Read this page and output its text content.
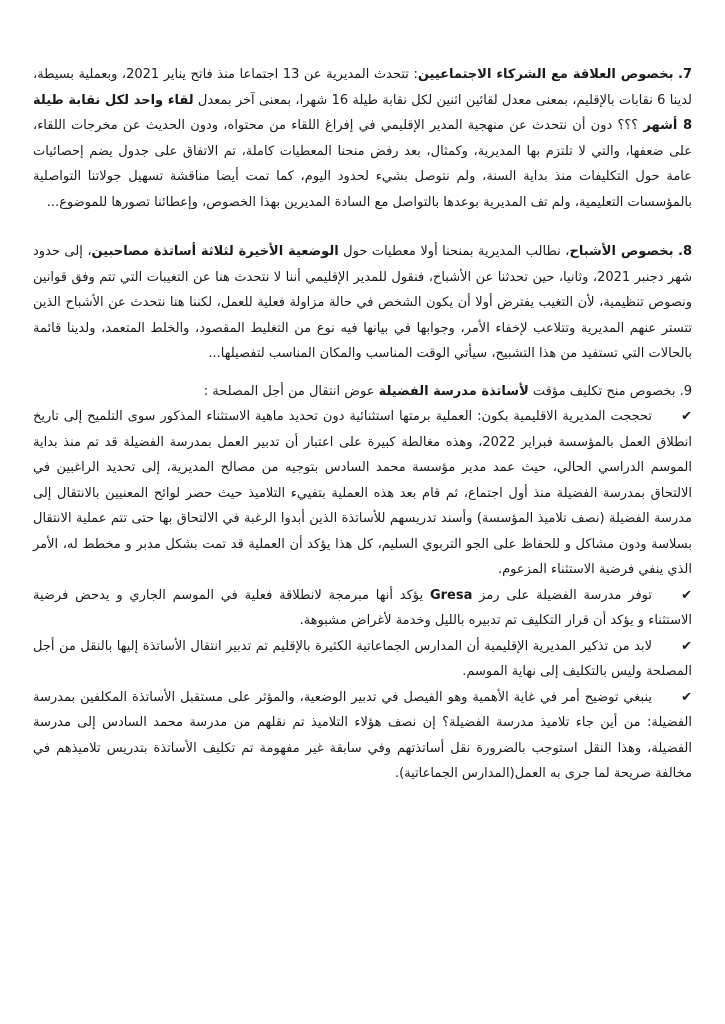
7. بخصوص العلاقة مع الشركاء الاجتماعيين: تتحدث المديرية عن 13 اجتماعا منذ فاتح يناير 2021، وبعملية بسيطة، لدينا 6 نقابات بالإقليم، بمعنى معدل لقائين اثنين لكل نقابة طيلة 16 شهرا، بمعنى آخر بمعدل لقاء واحد لكل نقابة طيلة 8 أشهر ؟؟؟ دون أن نتحدث عن منهجية المدير الإقليمي في إفراغ اللقاء من محتواه، ودون الحديث عن مخرجات اللقاء، على ضعفها، والتي لا تلتزم بها المديرية، وكمثال، بعد رفض منحنا المعطيات كاملة، تم الاتفاق على جدول يضم إحصائيات عامة حول التكليفات منذ بداية السنة، ولم نتوصل بشيء لحدود اليوم، كما تمت أيضا مناقشة تسهيل جولاتنا التواصلية بالمؤسسات التعليمية، ولم تف المديرية بوعدها بالتواصل مع السادة المديرين بهذا الخصوص، وإعطائنا تصورها للموضوع...

8. بخصوص الأشباح، نطالب المديرية بمنحنا أولا معطيات حول الوضعية الأخيرة لثلاثة أساتذة مصاحبين، إلى حدود شهر دجنبر 2021، وثانيا، حين تحدثنا عن الأشباح، فنقول للمدير الإقليمي أننا لا نتحدث هنا عن التغيبات التي تتم وفق قوانين ونصوص تنظيمية، لأن التغيب يفترض أولا أن يكون الشخص في حالة مزاولة فعلية للعمل، لكننا هنا نتحدث عن الأشباح الذين تتستر عنهم المديرية وتتلاعب لإخفاء الأمر، وجوابها في بيانها فيه نوع من التغليط المقصود، والخلط المتعمد، ولدينا قائمة بالحالات التي تستفيد من هذا التشبيح، سيأتي الوقت المناسب والمكان المناسب لتفصيلها...

9. بخصوص منح تكليف مؤقت لأساتذة مدرسة الفضيلة عوض انتقال من أجل المصلحة :

✔تحججت المديرية الاقليمية بكون: العملية برمتها استثنائية دون تحديد ماهية الاستثناء المذكور سوى التلميح إلى تاريخ انطلاق العمل بالمؤسسة فبراير 2022، وهذه مغالطة كبيرة على اعتبار أن تدبير العمل بمدرسة الفضيلة قد تم منذ بداية الموسم الدراسي الحالي، حيث عمد مدير مؤسسة محمد السادس بتوجيه من مصالح المديرية، إلى تحديد الراغبين في الالتحاق بمدرسة الفضيلة منذ أول اجتماع، ثم قام بعد هذه العملية بتفييء التلاميذ حيث حصر لوائح المعنيين بالانتقال إلى مدرسة الفضيلة (نصف تلاميذ المؤسسة) وأسند تدريسهم للأساتذة الذين أبدوا الرغبة في الالتحاق بها حتى تتم عملية الانتقال بسلاسة ودون مشاكل و للحفاظ على الجو التربوي السليم، كل هذا يؤكد أن العملية قد تمت بشكل مدبر و مخطط له، الأمر الذي ينفي فرضية الاستثناء المزعوم.

✔توفر مدرسة الفضيلة على رمز Gresa يؤكد أنها مبرمجة لانطلاقة فعلية في الموسم الجاري و يدحض فرضية الاستثناء و يؤكد أن قرار التكليف تم تدبيره بالليل وخدمة لأغراض مشبوهة.

✔لابد من تذكير المديرية الإقليمية أن المدارس الجماعاتية الكثيرة بالإقليم تم تدبير انتقال الأساتذة إليها بالنقل من أجل المصلحة وليس بالتكليف إلى نهاية الموسم.

✔ينبغي توضيح أمر في غاية الأهمية وهو الفيصل في تدبير الوضعية، والمؤثر على مستقبل الأساتذة المكلفين بمدرسة الفضيلة: من أين جاء تلاميذ مدرسة الفضيلة؟ إن نصف هؤلاء التلاميذ تم نقلهم من مدرسة محمد السادس إلى مدرسة الفضيلة، وهذا النقل استوجب بالضرورة نقل أساتذتهم وفي سابقة غير مفهومة تم تكليف الأساتذة بتدريس تلاميذهم في مخالفة صريحة لما جرى به العمل(المدارس الجماعاتية).
